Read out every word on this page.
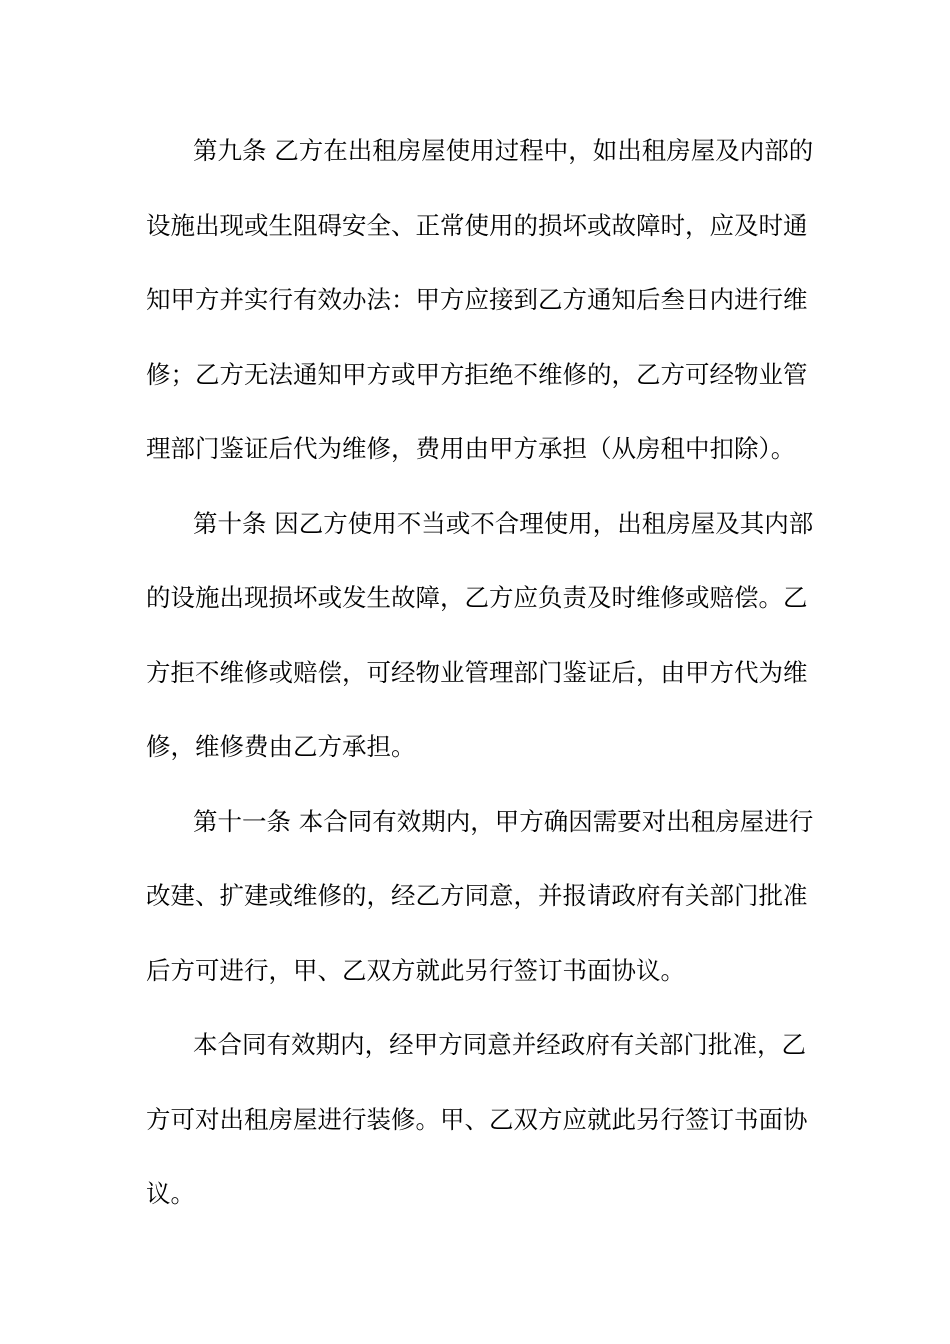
第九条 乙方在出租房屋使用过程中，如出租房屋及内部的
设施出现或生阻碍安全、正常使用的损坏或故障时，应及时通
知甲方并实行有效办法：甲方应接到乙方通知后叁日内进行维
修；乙方无法通知甲方或甲方拒绝不维修的，乙方可经物业管
理部门鉴证后代为维修，费用由甲方承担（从房租中扣除）。
第十条 因乙方使用不当或不合理使用，出租房屋及其内部
的设施出现损坏或发生故障，乙方应负责及时维修或赔偿。乙
方拒不维修或赔偿，可经物业管理部门鉴证后，由甲方代为维
修，维修费由乙方承担。
第十一条 本合同有效期内，甲方确因需要对出租房屋进行
改建、扩建或维修的，经乙方同意，并报请政府有关部门批准
后方可进行，甲、乙双方就此另行签订书面协议。
本合同有效期内，经甲方同意并经政府有关部门批准，乙
方可对出租房屋进行装修。甲、乙双方应就此另行签订书面协
议。
